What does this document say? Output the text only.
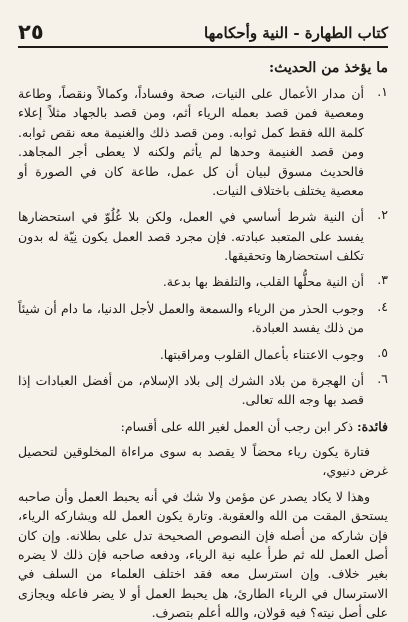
كتاب الطهارة - النية وأحكامها
٢٥
ما يؤخذ من الحديث:
١.
أن مدار الأعمال على النيات، صحة وفساداً، وكمالاً ونقصاً، وطاعة ومعصية فمن قصد بعمله الرياء أثم، ومن قصد بالجهاد مثلاً إعلاء كلمة الله فقط كمل ثوابه. ومن قصد ذلك والغنيمة معه نقص ثوابه. ومن قصد الغنيمة وحدها لم يأثم ولكنه لا يعطى أجر المجاهد. فالحديث مسوق لبيان أن كل عمل، طاعة كان في الصورة أو معصية يختلف باختلاف النيات.
٢.
أن النية شرط أساسي في العمل، ولكن بلا غُلُوّ في استحضارها يفسد على المتعبد عبادته. فإن مجرد قصد العمل يكون نِيّة له بدون تكلف استحضارها وتحقيقها.
٣.
أن النية محلُّها القلب، والتلفظ بها بدعة.
٤.
وجوب الحذر من الرياء والسمعة والعمل لأجل الدنيا، ما دام أن شيئاً من ذلك يفسد العبادة.
٥.
وجوب الاعتناء بأعمال القلوب ومراقبتها.
٦.
أن الهجرة من بلاد الشرك إلى بلاد الإسلام، من أفضل العبادات إذا قصد بها وجه الله تعالى.
فائدة: ذكر ابن رجب أن العمل لغير الله على أقسام:
فتارة يكون رياء محضاً لا يقصد به سوى مراءاة المخلوقين لتحصيل غرض دنيوي،
وهذا لا يكاد يصدر عن مؤمن ولا شك في أنه يحبط العمل وأن صاحبه يستحق المقت من الله والعقوبة. وتارة يكون العمل لله ويشاركه الرياء، فإن شاركه من أصله فإن النصوص الصحيحة تدل على بطلانه. وإن كان أصل العمل لله ثم طرأ عليه نية الرياء، ودفعه صاحبه فإن ذلك لا يضره بغير خلاف. وإن استرسل معه فقد اختلف العلماء من السلف في الاسترسال في الرياء الطارئ، هل يحبط العمل أو لا يضر فاعله ويجازى على أصل نيته؟ فيه قولان، والله أعلم بتصرف.
